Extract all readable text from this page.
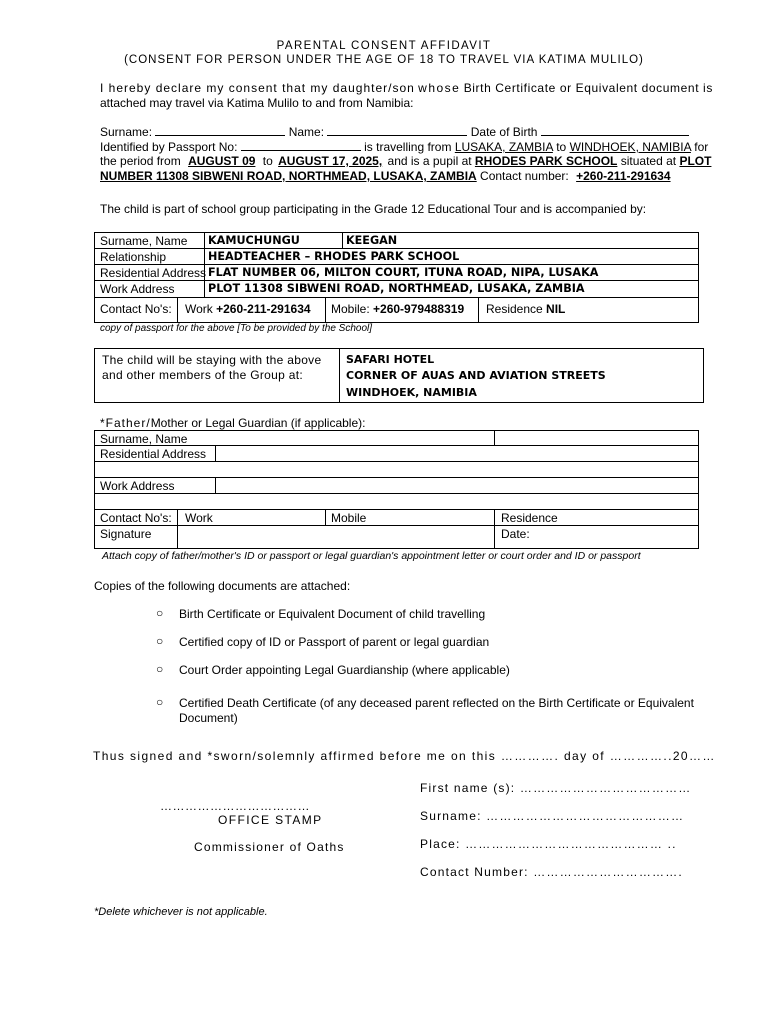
PARENTAL CONSENT AFFIDAVIT
(CONSENT FOR PERSON UNDER THE AGE OF 18 TO TRAVEL VIA KATIMA MULILO)
I hereby declare my consent that my daughter/son whose Birth Certificate or Equivalent document is
attached may travel via Katima Mulilo to and from Namibia:
Surname:	Name:	Date of Birth
Identified by Passport No:	is travelling from LUSAKA, ZAMBIA to WINDHOEK, NAMIBIA for
the period from AUGUST 09 to AUGUST 17, 2025, and is a pupil at RHODES PARK SCHOOL situated at PLOT
NUMBER 11308 SIBWENI ROAD, NORTHMEAD, LUSAKA, ZAMBIA Contact number: +260-211-291634
The child is part of school group participating in the Grade 12 Educational Tour and is accompanied by:
Surname, Name KAMUCHUNGU	KEEGAN
Relationship	HEADTEACHER – RHODES PARK SCHOOL
Residential Address FLAT NUMBER 06, MILTON COURT, ITUNA ROAD, NIPA, LUSAKA
Work Address	PLOT 11308 SIBWENI ROAD, NORTHMEAD, LUSAKA, ZAMBIA
Contact No's: Work +260-211-291634 Mobile: +260-979488319 Residence NIL
copy of passport for the above [To be provided by the School]
The child will be staying with the above
and other members of the Group at:
SAFARI HOTEL
CORNER OF AUAS AND AVIATION STREETS
WINDHOEK, NAMIBIA
*Father/Mother or Legal Guardian (if applicable):
Surname, Name
Residential Address
Work Address
Contact No's: Work	Mobile	Residence
Signature	Date:
Attach copy of father/mother's ID or passport or legal guardian's appointment letter or court order and ID or passport
Copies of the following documents are attached:
○ Birth Certificate or Equivalent Document of child travelling
○ Certified copy of ID or Passport of parent or legal guardian
○ Court Order appointing Legal Guardianship (where applicable)
○ Certified Death Certificate (of any deceased parent reflected on the Birth Certificate or Equivalent
Document)
Thus signed and *sworn/solemnly affirmed before me on this …………. day of …………..20……
First name (s): …………………………………
………………………………
Surname: ………………………………………
OFFICE STAMP
Place: ……………………………………… ..
Commissioner of Oaths
Contact Number: …………………………….
*Delete whichever is not applicable.
